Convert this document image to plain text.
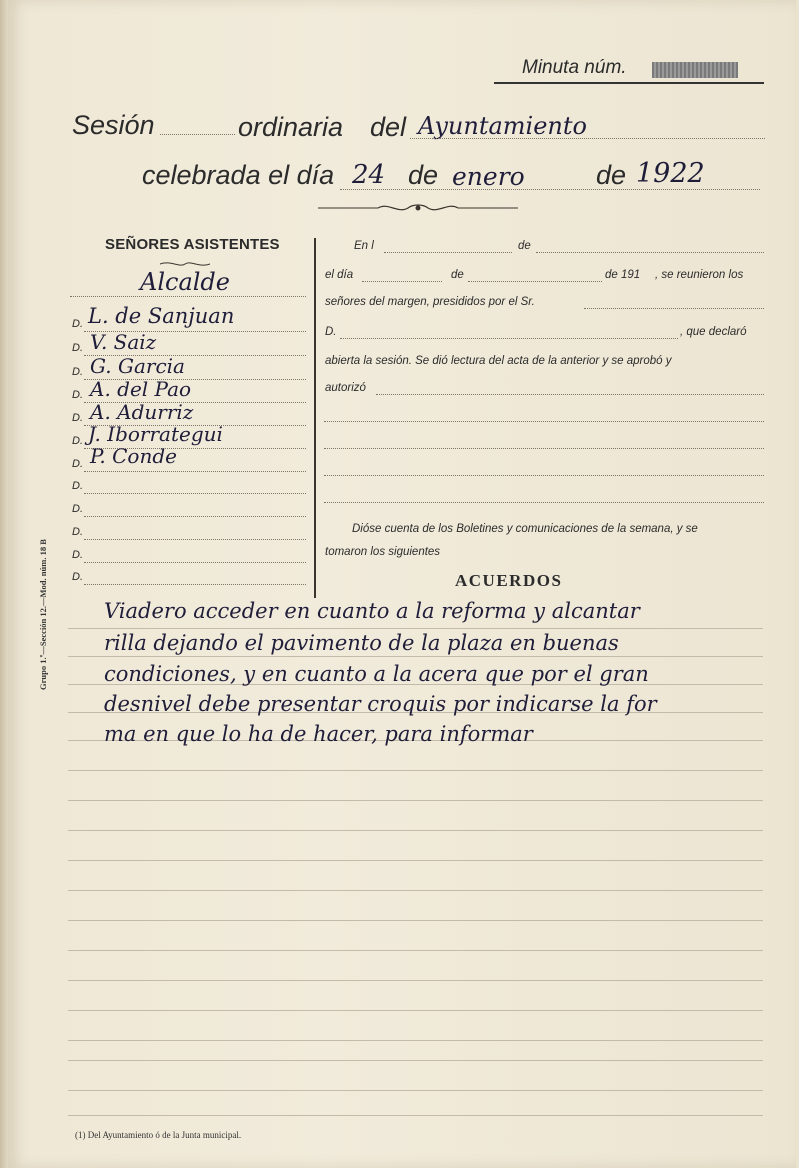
Minuta núm.
Sesión	ordinaria del Ayuntamiento
celebrada el día 24 de enero	de 1922
SEÑORES ASISTENTES
Alcalde
D. L. de Sanjuan
D. V. Saiz
D. G. Garcia
D. A. del Pao
D. A. Adurriz
D. J. Iborrategui
D. P. Conde
D.
D.
D.
D.
D.
En l	de
el día	de	de 191 , se reunieron los
señores del margen, presididos por el Sr.
D.	, que declaró
abierta la sesión. Se dió lectura del acta de la anterior y se aprobó y
autorizó
Dióse cuenta de los Boletines y comunicaciones de la semana, y se
tomaron los siguientes
ACUERDOS
Viadero acceder en cuanto a la reforma y alcantar
rilla dejando el pavimento de la plaza en buenas
condiciones, y en cuanto a la acera que por el gran
desnivel debe presentar croquis por indicarse la for
ma en que lo ha de hacer, para informar
Grupo 1.º—Sección 12.—Mod. núm. 18 B
(1) Del Ayuntamiento ó de la Junta municipal.
